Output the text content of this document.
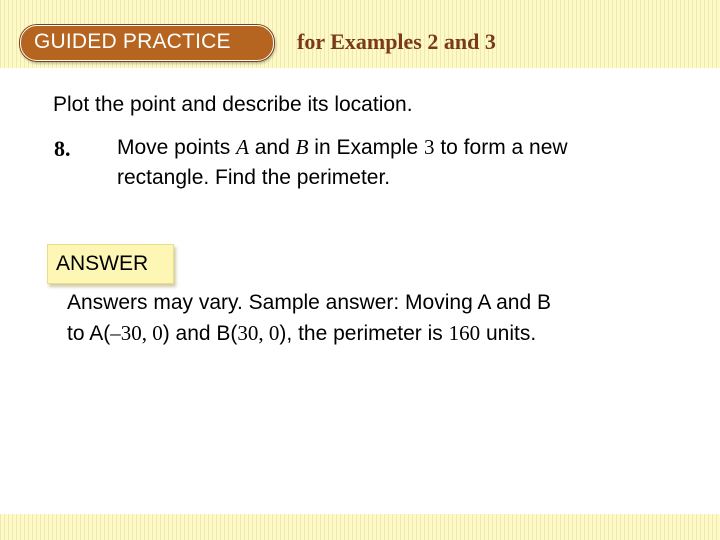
GUIDED PRACTICE	for Examples 2 and 3
Plot the point and describe its location.
8. Move points A and B in Example 3 to form a new
rectangle. Find the perimeter.
ANSWER
Answers may vary. Sample answer: Moving A and B
to A(–30, 0) and B(30, 0), the perimeter is 160 units.
